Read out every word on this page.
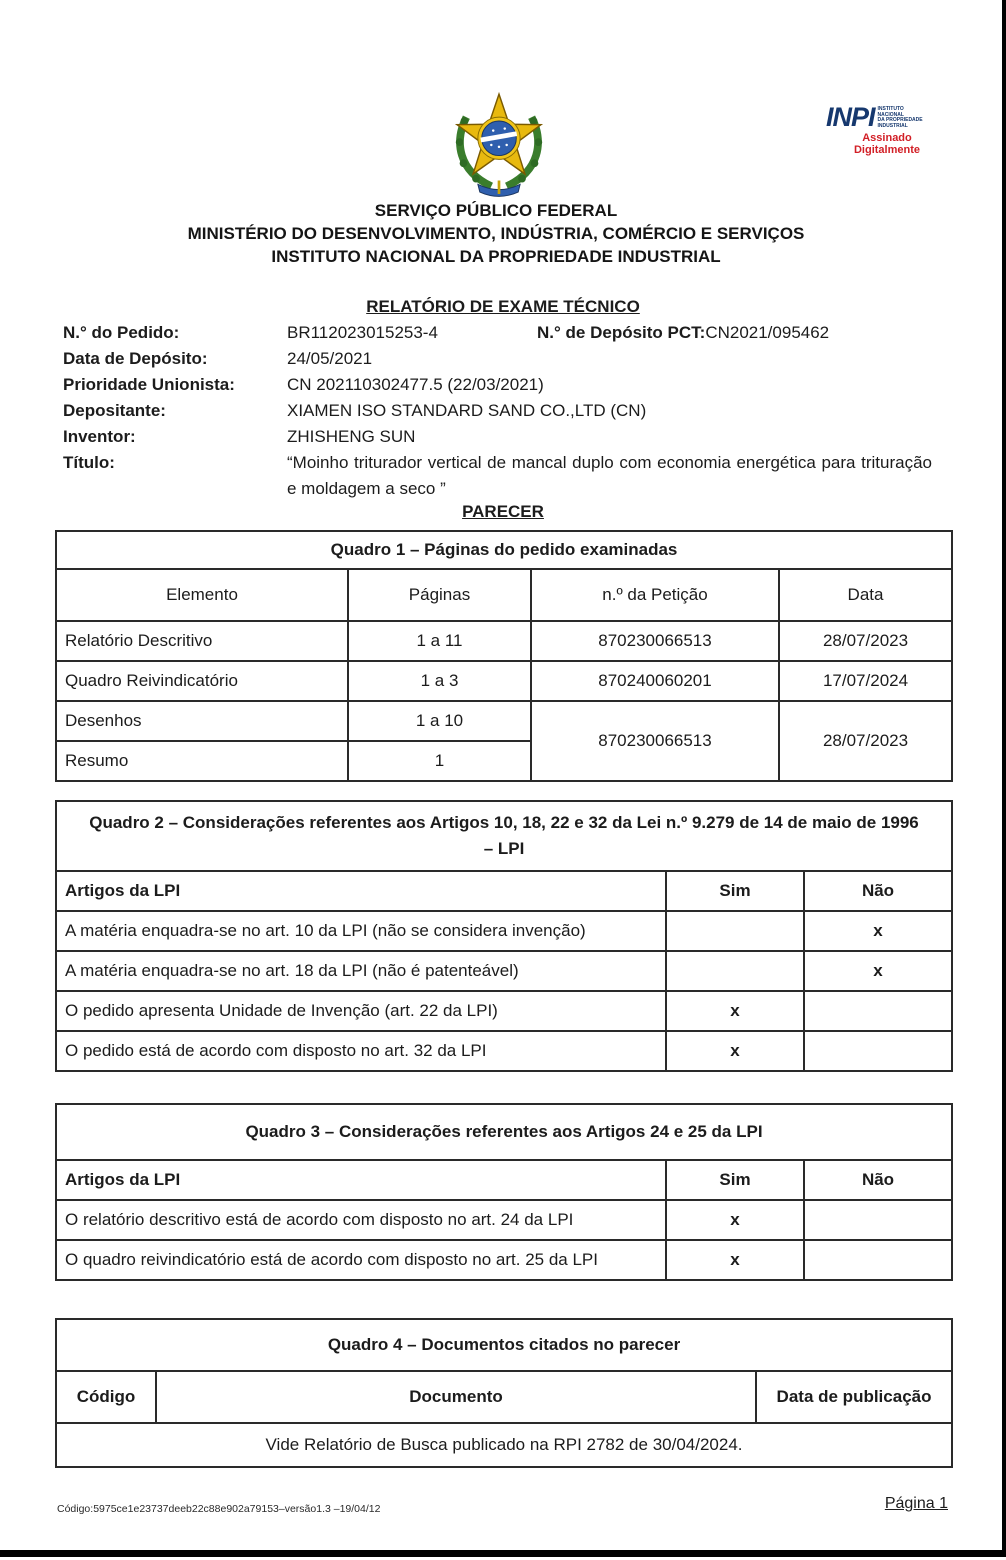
INPI INSTITUTO
NACIONAL
DA PROPRIEDADE
INDUSTRIAL
Assinado
Digitalmente
SERVIÇO PÚBLICO FEDERAL
MINISTÉRIO DO DESENVOLVIMENTO, INDÚSTRIA, COMÉRCIO E SERVIÇOS
INSTITUTO NACIONAL DA PROPRIEDADE INDUSTRIAL
RELATÓRIO DE EXAME TÉCNICO
N.° do Pedido:	BR112023015253-4	N.° de Depósito PCT: CN2021/095462
Data de Depósito:	24/05/2021
Prioridade Unionista:	CN 202110302477.5 (22/03/2021)
Depositante:	XIAMEN ISO STANDARD SAND CO.,LTD (CN)
Inventor:	ZHISHENG SUN
Título:	“Moinho triturador vertical de mancal duplo com economia energética para trituração e moldagem a seco ”
PARECER
Quadro 1 – Páginas do pedido examinadas			
Elemento	Páginas	n.º da Petição	Data
Relatório Descritivo	1 a 11	870230066513	28/07/2023
Quadro Reivindicatório	1 a 3	870240060201	17/07/2024
Desenhos	1 a 10	870230066513	28/07/2023
Resumo	1		
Quadro 2 – Considerações referentes aos Artigos 10, 18, 22 e 32 da Lei n.º 9.279 de 14 de maio de 1996 – LPI		
Artigos da LPI	Sim	Não
A matéria enquadra-se no art. 10 da LPI (não se considera invenção)		x
A matéria enquadra-se no art. 18 da LPI (não é patenteável)		x
O pedido apresenta Unidade de Invenção (art. 22 da LPI)	x	
O pedido está de acordo com disposto no art. 32 da LPI	x	
Quadro 3 – Considerações referentes aos Artigos 24 e 25 da LPI		
Artigos da LPI	Sim	Não
O relatório descritivo está de acordo com disposto no art. 24 da LPI	x	
O quadro reivindicatório está de acordo com disposto no art. 25 da LPI	x	
Quadro 4 – Documentos citados no parecer
Código	Documento	Data de publicação
Vide Relatório de Busca publicado na RPI 2782 de 30/04/2024.
Código:5975ce1e23737deeb22c88e902a79153–versão1.3 –19/04/12	Página 1
